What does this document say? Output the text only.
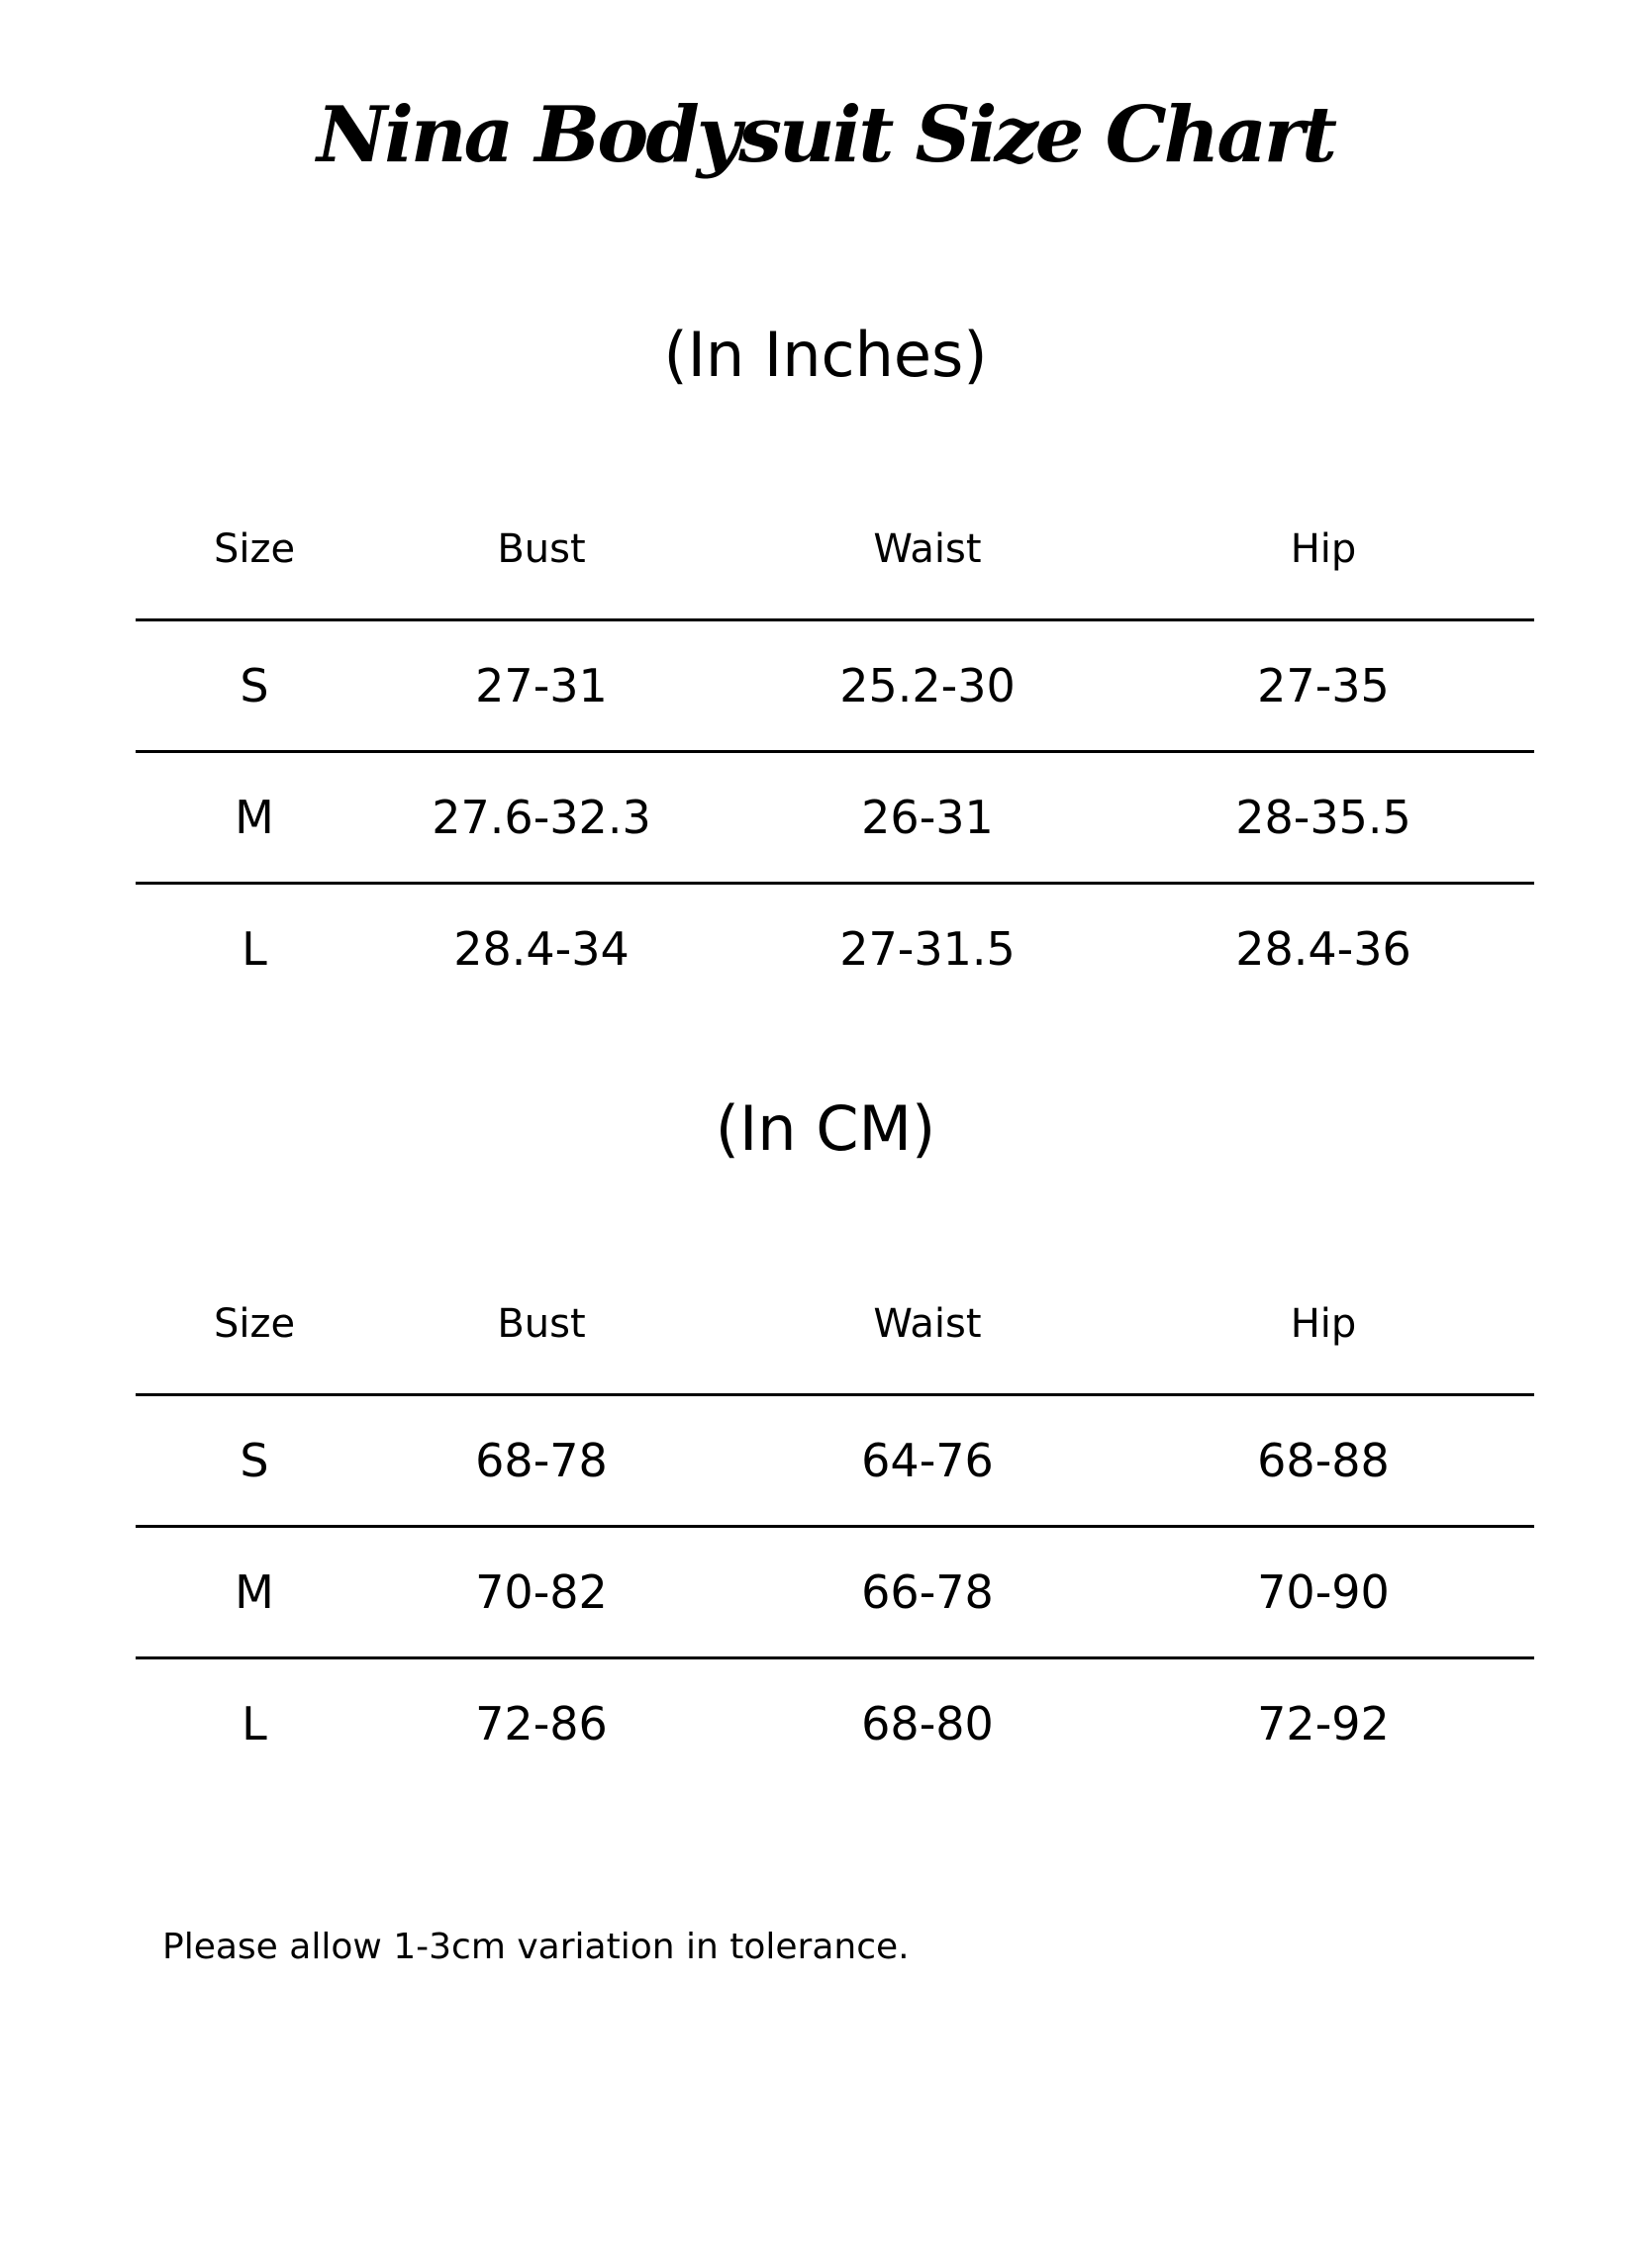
Nina Bodysuit Size Chart
(In Inches)
Size	Bust	Waist	Hip
S	27-31	25.2-30	27-35
M	27.6-32.3	26-31	28-35.5
L	28.4-34	27-31.5	28.4-36
(In CM)
Size	Bust	Waist	Hip
S	68-78	64-76	68-88
M	70-82	66-78	70-90
L	72-86	68-80	72-92
Please allow 1-3cm variation in tolerance.
